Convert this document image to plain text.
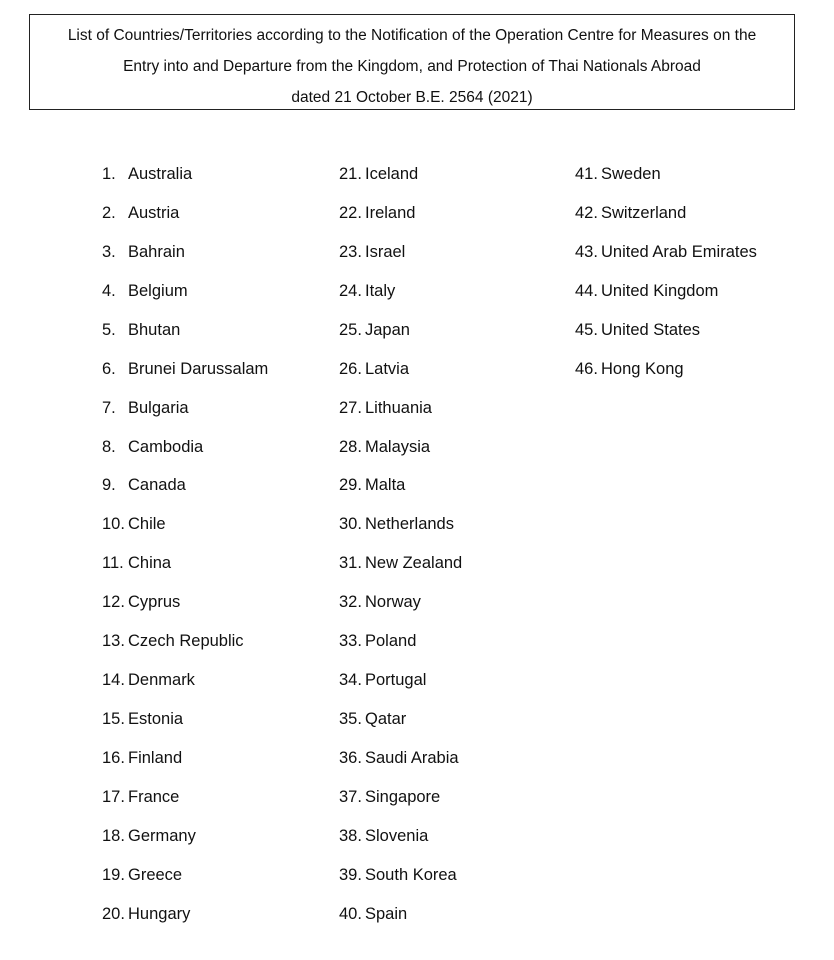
List of Countries/Territories according to the Notification of the Operation Centre for Measures on the
Entry into and Departure from the Kingdom, and Protection of Thai Nationals Abroad
dated 21 October B.E. 2564 (2021)
1. Australia
2. Austria
3. Bahrain
4. Belgium
5. Bhutan
6. Brunei Darussalam
7. Bulgaria
8. Cambodia
9. Canada
10. Chile
11. China
12. Cyprus
13. Czech Republic
14. Denmark
15. Estonia
16. Finland
17. France
18. Germany
19. Greece
20. Hungary
21. Iceland
22. Ireland
23. Israel
24. Italy
25. Japan
26. Latvia
27. Lithuania
28. Malaysia
29. Malta
30. Netherlands
31. New Zealand
32. Norway
33. Poland
34. Portugal
35. Qatar
36. Saudi Arabia
37. Singapore
38. Slovenia
39. South Korea
40. Spain
41. Sweden
42. Switzerland
43. United Arab Emirates
44. United Kingdom
45. United States
46. Hong Kong
